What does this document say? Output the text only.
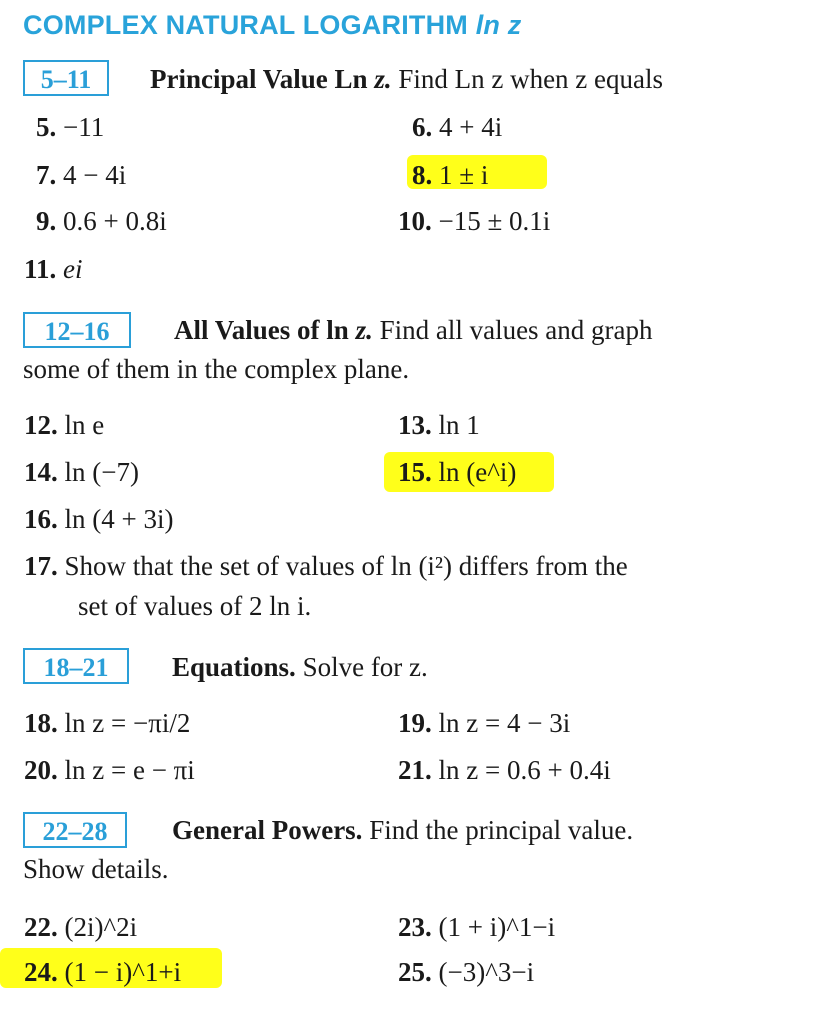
COMPLEX NATURAL LOGARITHM ln z
5–11	Principal Value Ln z. Find Ln z when z equals
5. −11	6. 4 + 4i
7. 4 − 4i	8. 1 ± i
9. 0.6 + 0.8i	10. −15 ± 0.1i
11. ei
12–16	All Values of ln z. Find all values and graph
some of them in the complex plane.
12. ln e	13. ln 1
14. ln (−7)	15. ln (e^i)
16. ln (4 + 3i)
17. Show that the set of values of ln (i²) differs from the
set of values of 2 ln i.
18–21	Equations. Solve for z.
18. ln z = −πi/2	19. ln z = 4 − 3i
20. ln z = e − πi	21. ln z = 0.6 + 0.4i
22–28	General Powers. Find the principal value.
Show details.
22. (2i)^2i	23. (1 + i)^1−i
24. (1 − i)^1+i	25. (−3)^3−i
